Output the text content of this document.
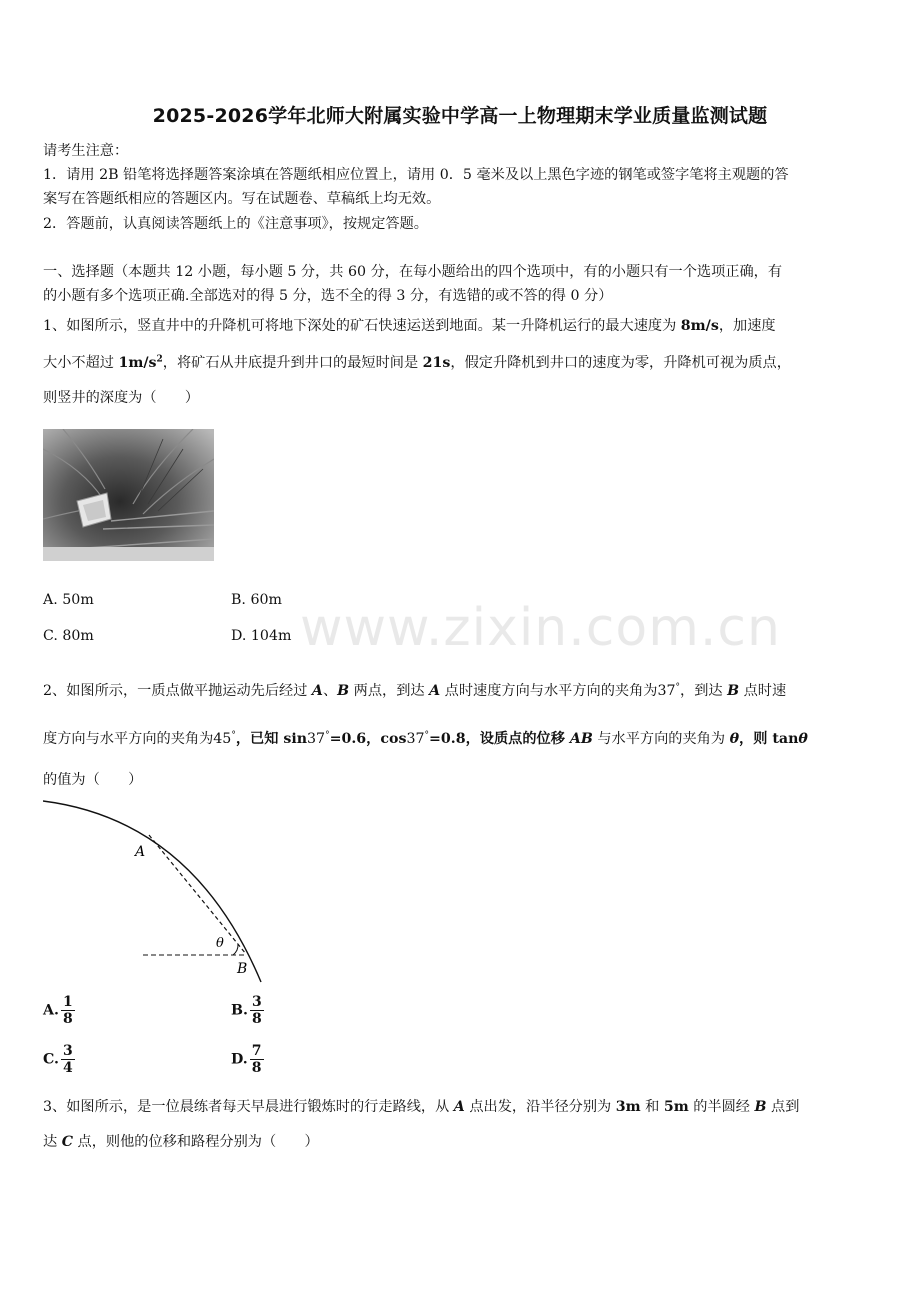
www.zixin.com.cn
2025-2026学年北师大附属实验中学高一上物理期末学业质量监测试题
请考生注意：
1．请用 2B 铅笔将选择题答案涂填在答题纸相应位置上，请用 0．5 毫米及以上黑色字迹的钢笔或签字笔将主观题的答
案写在答题纸相应的答题区内。写在试题卷、草稿纸上均无效。
2．答题前，认真阅读答题纸上的《注意事项》，按规定答题。
一、选择题（本题共 12 小题，每小题 5 分，共 60 分，在每小题给出的四个选项中，有的小题只有一个选项正确，有
的小题有多个选项正确.全部选对的得 5 分，选不全的得 3 分，有选错的或不答的得 0 分）
1、如图所示，竖直井中的升降机可将地下深处的矿石快速运送到地面。某一升降机运行的最大速度为 8m/s，加速度
大小不超过 $1m/s^2$，将矿石从井底提升到井口的最短时间是 21s，假定升降机到井口的速度为零，升降机可视为质点，
则竖井的深度为（　　）
A. 50m	B. 60m
C. 80m	D. 104m
2、如图所示，一质点做平抛运动先后经过 A、B 两点，到达 A 点时速度方向与水平方向的夹角为37°，到达 B 点时速
度方向与水平方向的夹角为45°，已知 sin37°=0.6，cos37°=0.8，设质点的位移 AB 与水平方向的夹角为 θ，则 tanθ
的值为（　　）
A
B
θ
A. $\frac{1}{8}$	B. $\frac{3}{8}$
C. $\frac{3}{4}$	D. $\frac{7}{8}$
3、如图所示，是一位晨练者每天早晨进行锻炼时的行走路线，从 A 点出发，沿半径分别为 3m 和 5m 的半圆经 B 点到
达 C 点，则他的位移和路程分别为（　　）
